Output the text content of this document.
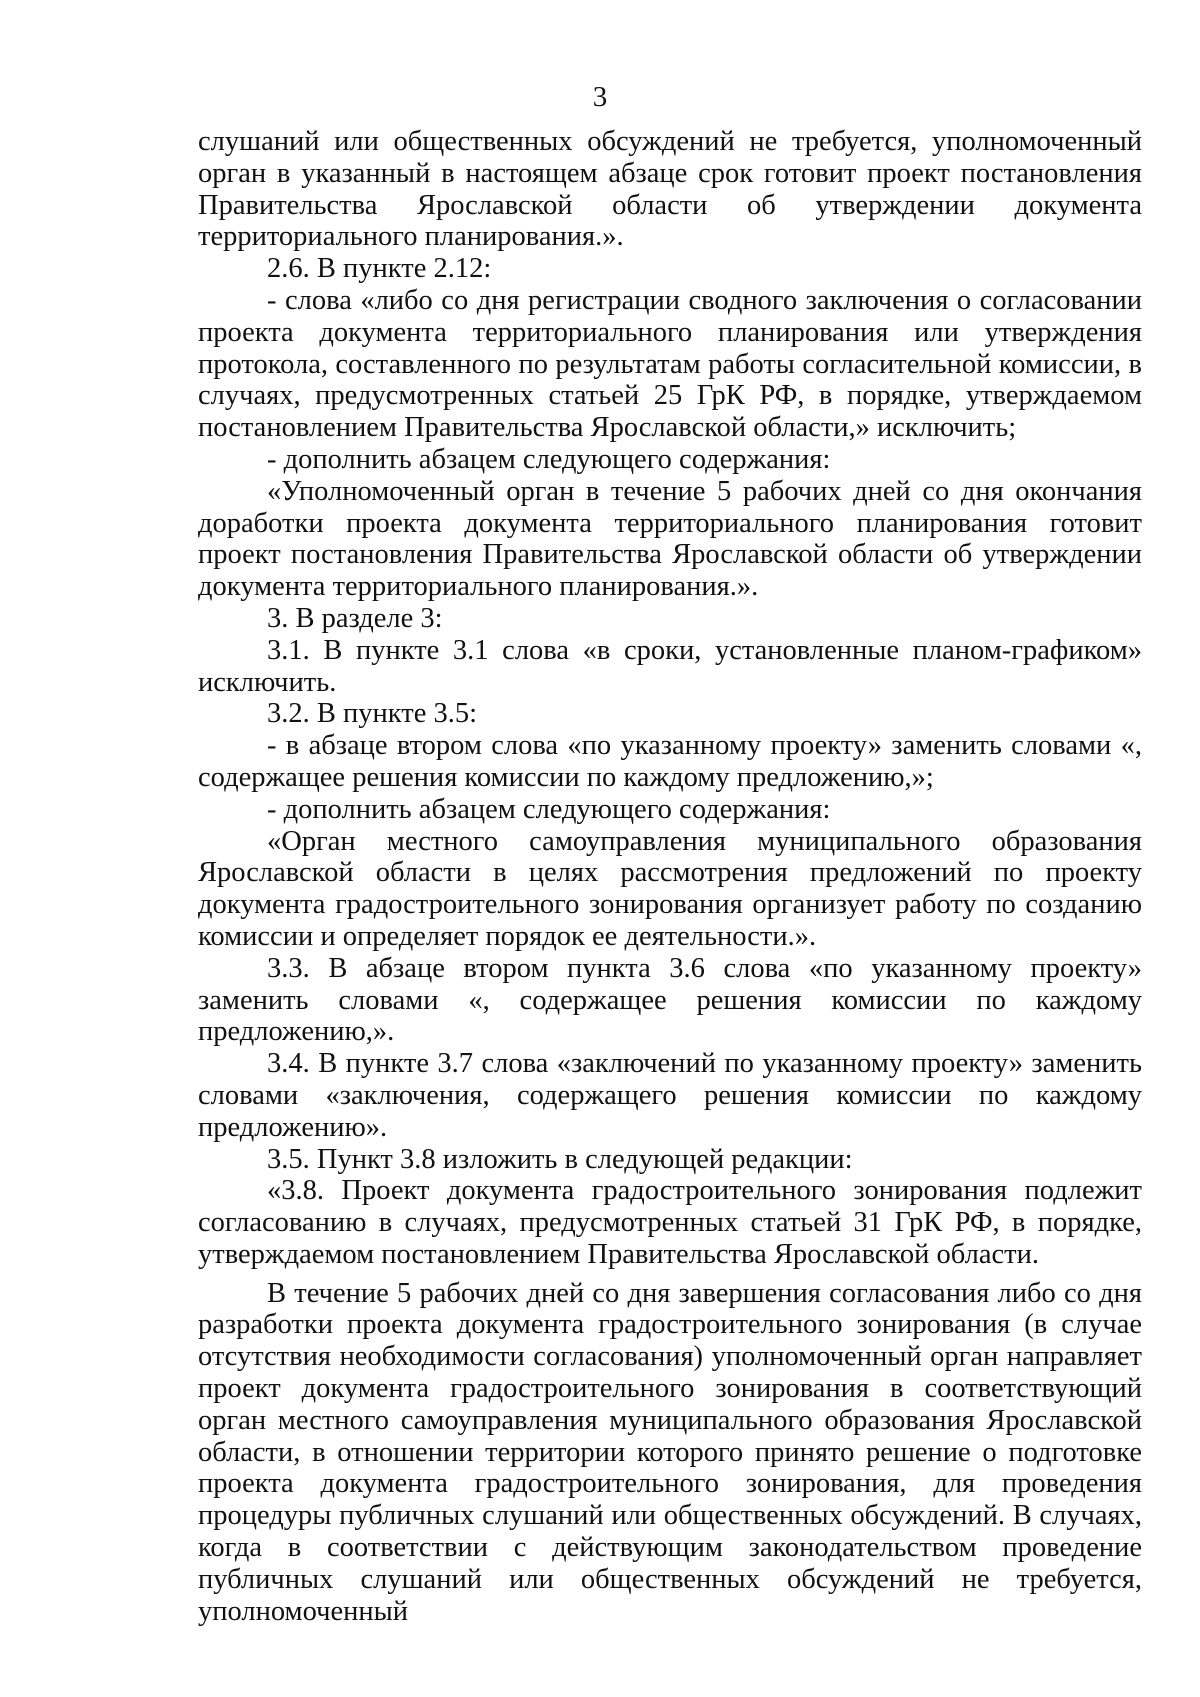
3

слушаний или общественных обсуждений не требуется, уполномоченный орган в указанный в настоящем абзаце срок готовит проект постановления Правительства Ярославской области об утверждении документа территориального планирования.».

2.6. В пункте 2.12:

- слова «либо со дня регистрации сводного заключения о согласовании проекта документа территориального планирования или утверждения протокола, составленного по результатам работы согласительной комиссии, в случаях, предусмотренных статьей 25 ГрК РФ, в порядке, утверждаемом постановлением Правительства Ярославской области,» исключить;

- дополнить абзацем следующего содержания:

«Уполномоченный орган в течение 5 рабочих дней со дня окончания доработки проекта документа территориального планирования готовит проект постановления Правительства Ярославской области об утверждении документа территориального планирования.».

3. В разделе 3:

3.1. В пункте 3.1 слова «в сроки, установленные планом-графиком» исключить.

3.2. В пункте 3.5:

- в абзаце втором слова «по указанному проекту» заменить словами «, содержащее решения комиссии по каждому предложению,»;

- дополнить абзацем следующего содержания:

«Орган местного самоуправления муниципального образования Ярославской области в целях рассмотрения предложений по проекту документа градостроительного зонирования организует работу по созданию комиссии и определяет порядок ее деятельности.».

3.3. В абзаце втором пункта 3.6 слова «по указанному проекту» заменить словами «, содержащее решения комиссии по каждому предложению,».

3.4. В пункте 3.7 слова «заключений по указанному проекту» заменить словами «заключения, содержащего решения комиссии по каждому предложению».

3.5. Пункт 3.8 изложить в следующей редакции:

«3.8. Проект документа градостроительного зонирования подлежит согласованию в случаях, предусмотренных статьей 31 ГрК РФ, в порядке, утверждаемом постановлением Правительства Ярославской области.

В течение 5 рабочих дней со дня завершения согласования либо со дня разработки проекта документа градостроительного зонирования (в случае отсутствия необходимости согласования) уполномоченный орган направляет проект документа градостроительного зонирования в соответствующий орган местного самоуправления муниципального образования Ярославской области, в отношении территории которого принято решение о подготовке проекта документа градостроительного зонирования, для проведения процедуры публичных слушаний или общественных обсуждений. В случаях, когда в соответствии с действующим законодательством проведение публичных слушаний или общественных обсуждений не требуется, уполномоченный
